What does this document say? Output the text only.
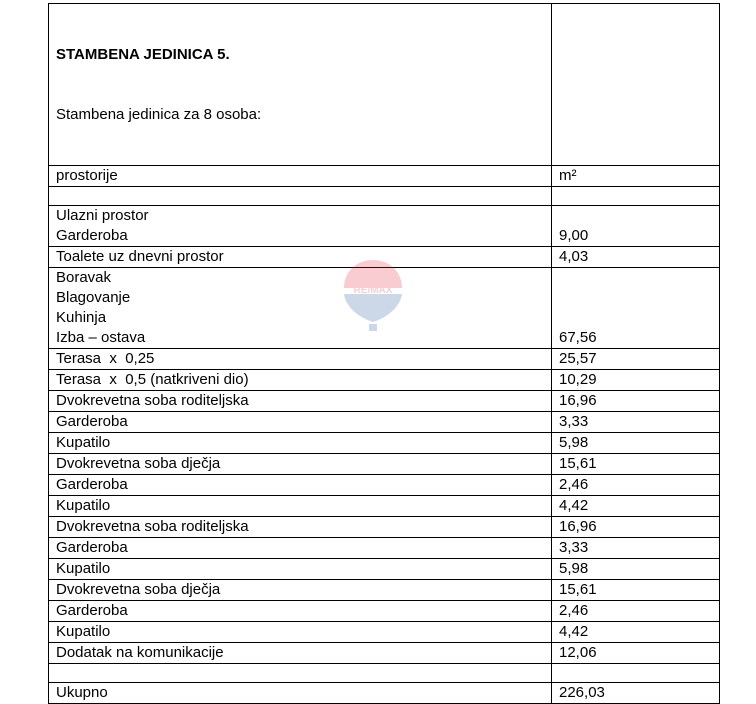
STAMBENA JEDINICA 5.

Stambena jedinica za 8 osoba:	

prostorije	m²

Ulazni prostor
Garderoba	9,00

Toalete uz dnevni prostor	4,03

Boravak
Blagovanje
Kuhinja
Izba – ostava	67,56

Terasa  x  0,25	25,57

Terasa  x  0,5 (natkriveni dio)	10,29

Dvokrevetna soba roditeljska	16,96

Garderoba	3,33

Kupatilo	5,98

Dvokrevetna soba dječja	15,61

Garderoba	2,46

Kupatilo	4,42

Dvokrevetna soba roditeljska	16,96

Garderoba	3,33

Kupatilo	5,98

Dvokrevetna soba dječja	15,61

Garderoba	2,46

Kupatilo	4,42

Dodatak na komunikacije	12,06

Ukupno	226,03
RE/MAX
